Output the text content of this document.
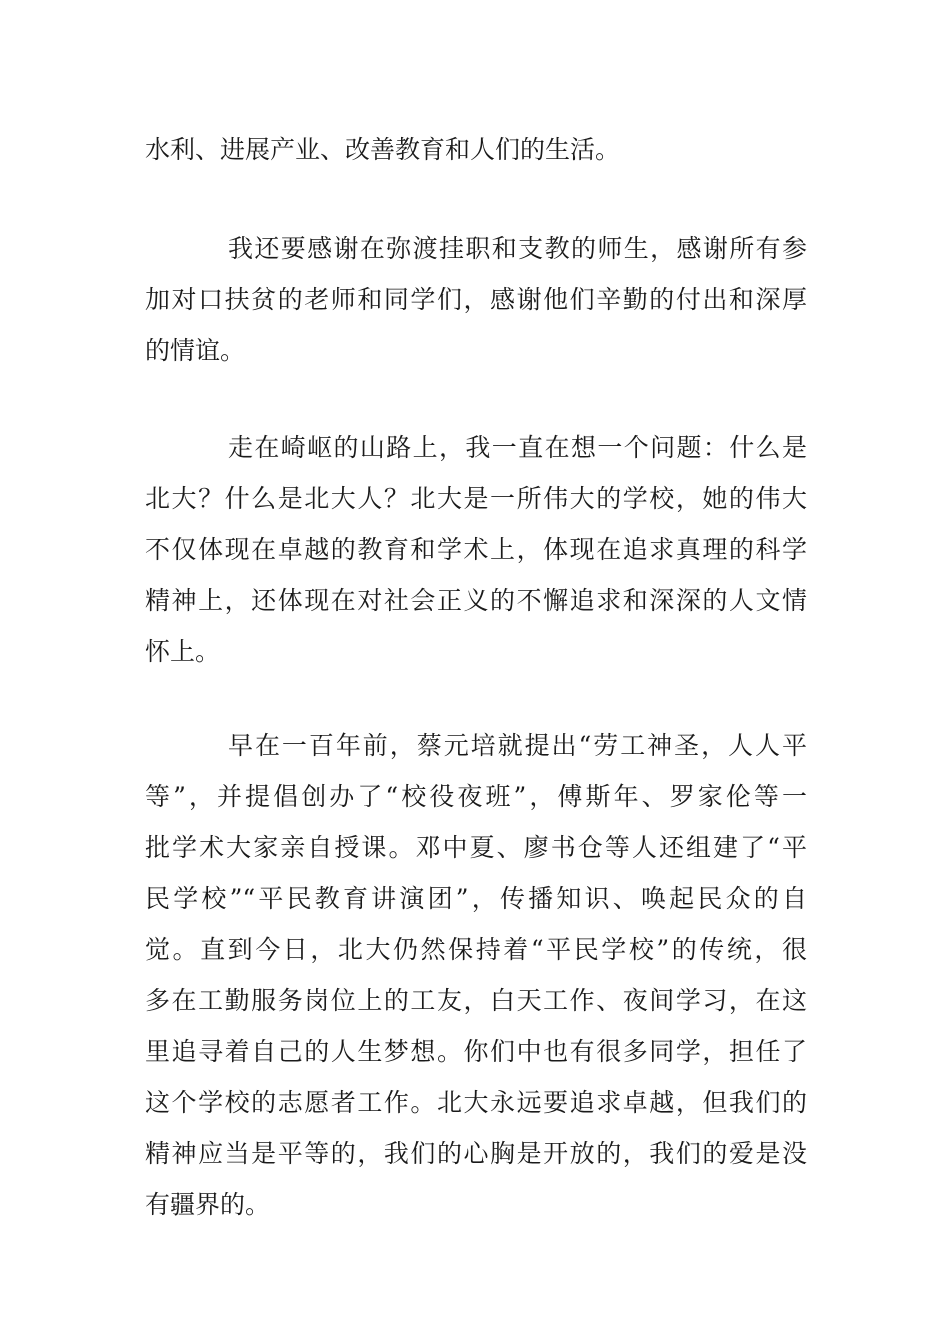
水利、进展产业、改善教育和人们的生活。
我还要感谢在弥渡挂职和支教的师生，感谢所有参
加对口扶贫的老师和同学们，感谢他们辛勤的付出和深厚
的情谊。
走在崎岖的山路上，我一直在想一个问题：什么是
北大？什么是北大人？北大是一所伟大的学校，她的伟大
不仅体现在卓越的教育和学术上，体现在追求真理的科学
精神上，还体现在对社会正义的不懈追求和深深的人文情
怀上。
早在一百年前，蔡元培就提出“劳工神圣，人人平
等”，并提倡创办了“校役夜班”，傅斯年、罗家伦等一
批学术大家亲自授课。邓中夏、廖书仓等人还组建了“平
民学校”“平民教育讲演团”，传播知识、唤起民众的自
觉。直到今日，北大仍然保持着“平民学校”的传统，很
多在工勤服务岗位上的工友，白天工作、夜间学习，在这
里追寻着自己的人生梦想。你们中也有很多同学，担任了
这个学校的志愿者工作。北大永远要追求卓越，但我们的
精神应当是平等的，我们的心胸是开放的，我们的爱是没
有疆界的。
